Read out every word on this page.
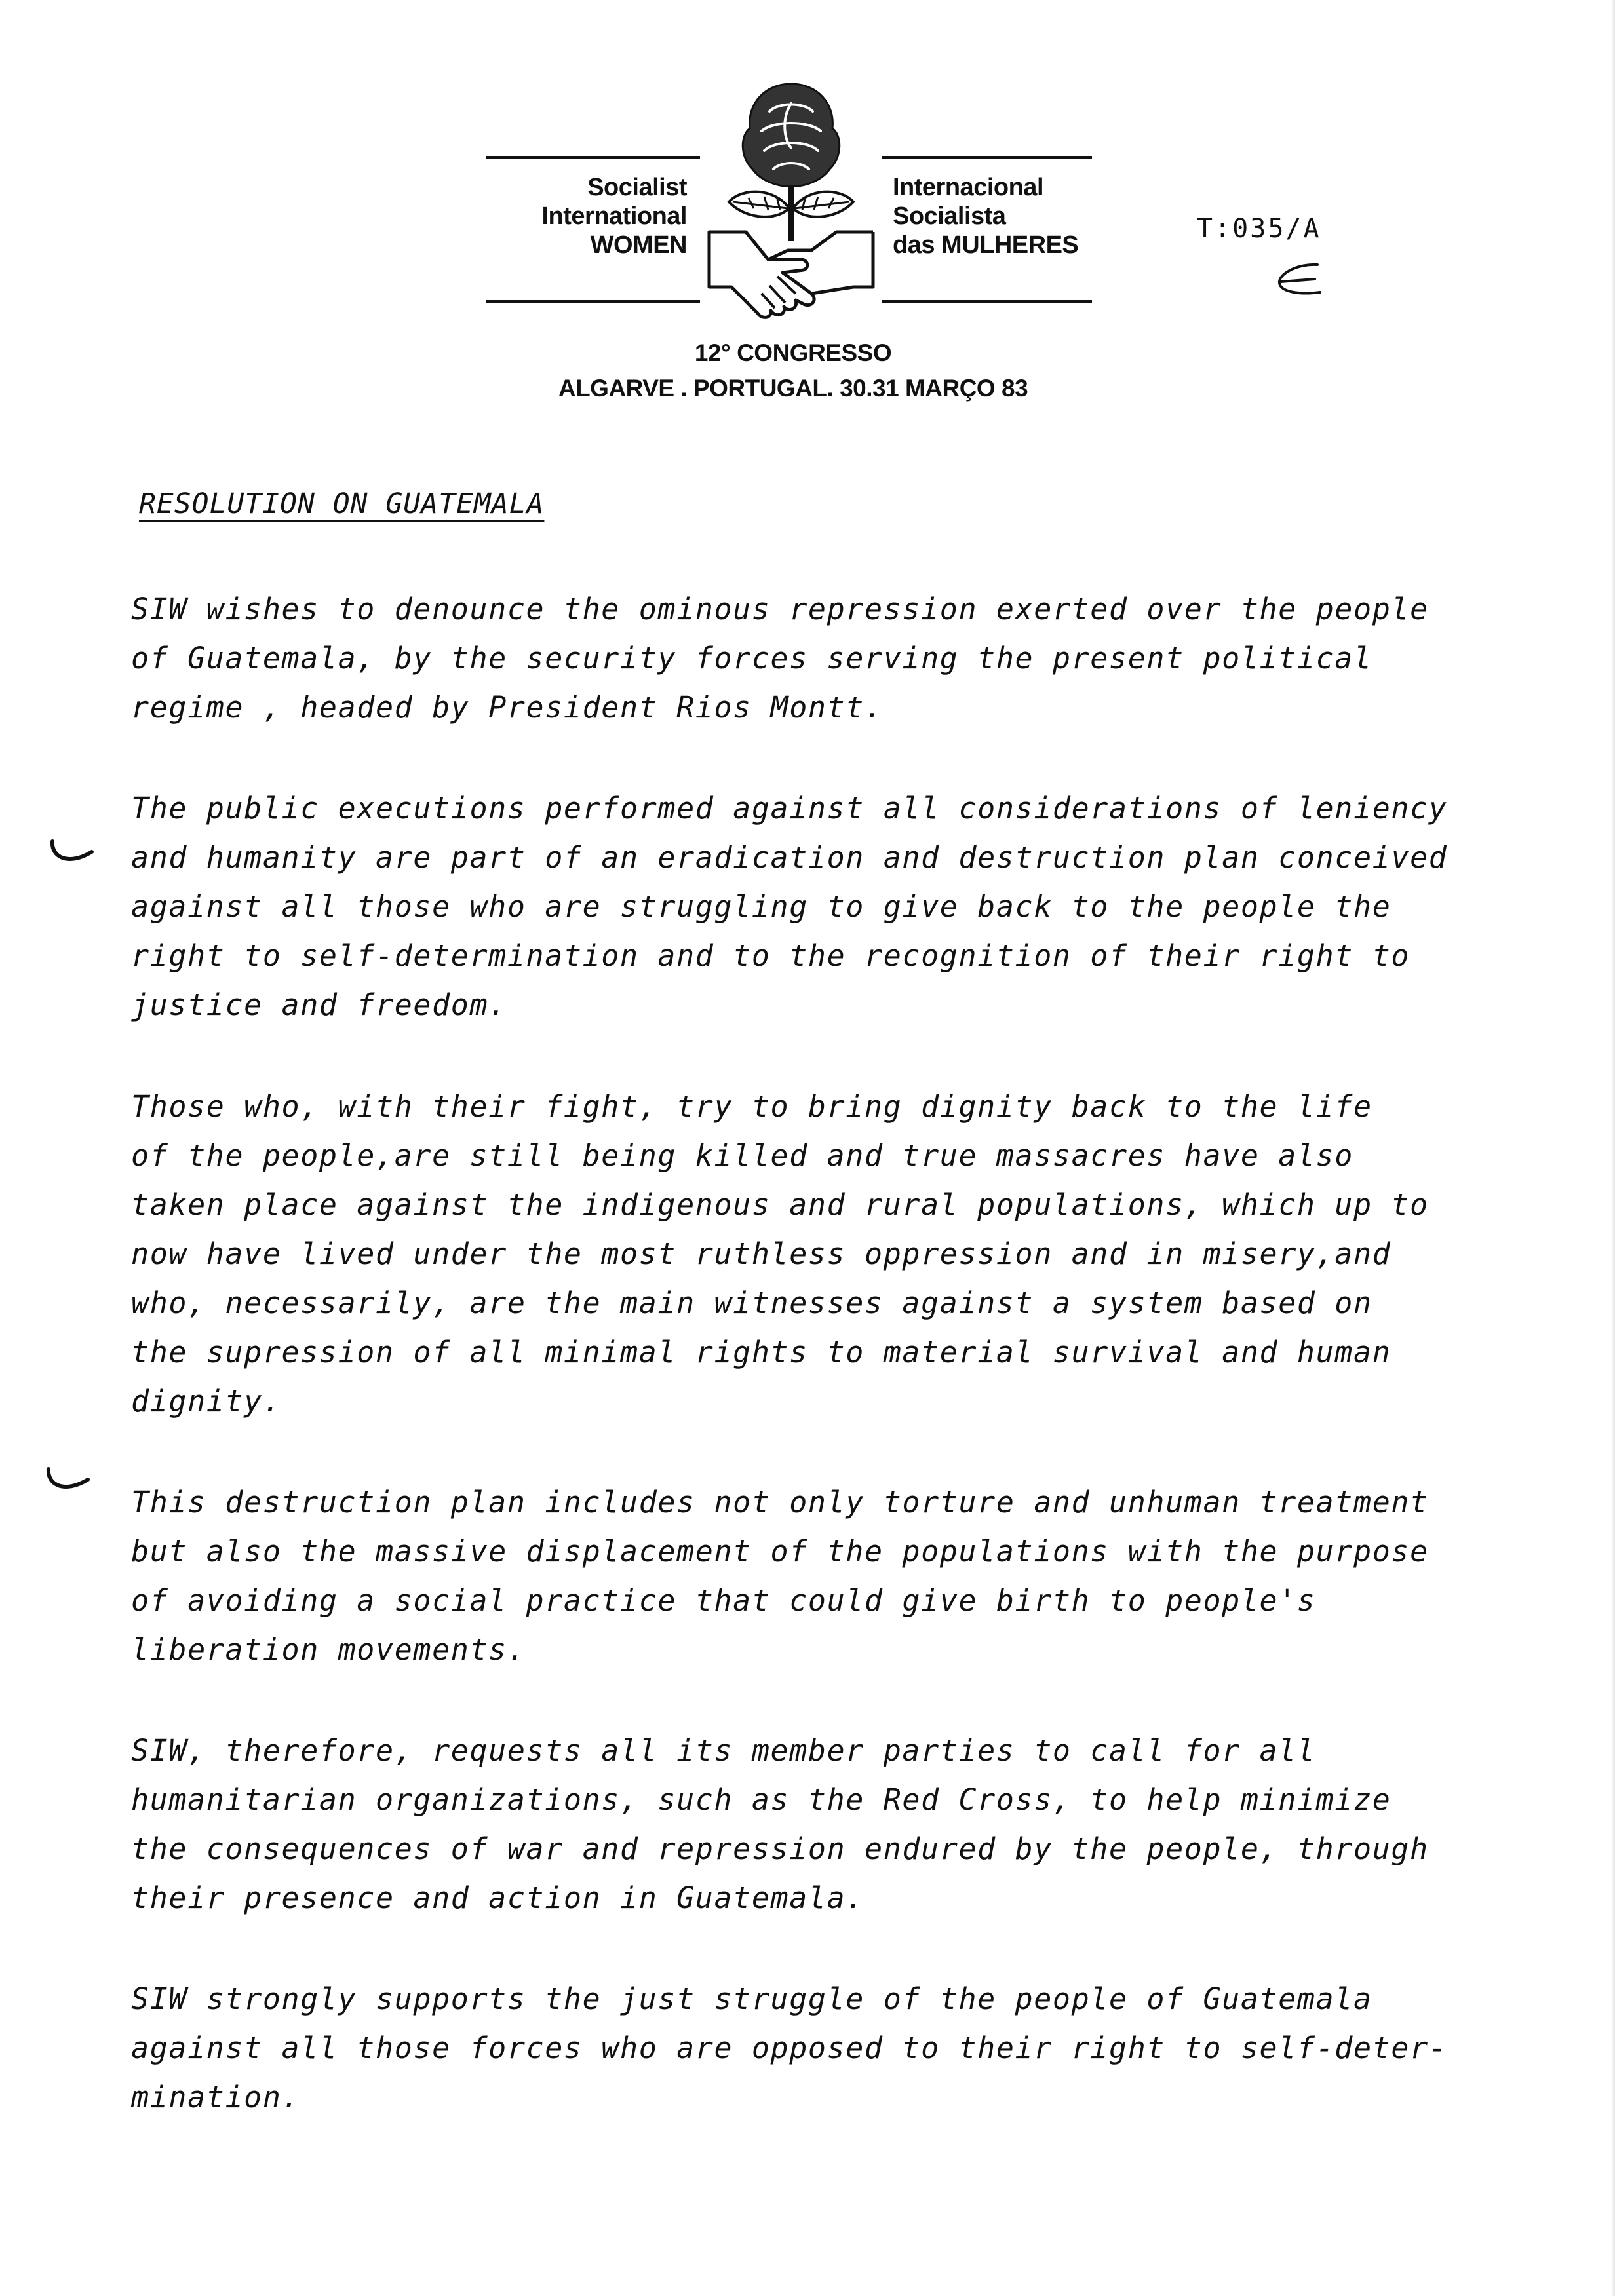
Socialist
International
WOMEN
Internacional
Socialista
das MULHERES
12° CONGRESSO
ALGARVE . PORTUGAL. 30.31 MARÇO 83
T:035/A
RESOLUTION ON GUATEMALA

SIW wishes to denounce the ominous repression exerted over the people
of Guatemala, by the security forces serving the present political
regime , headed by President Rios Montt.

The public executions performed against all considerations of leniency
and humanity are part of an eradication and destruction plan conceived
against all those who are struggling to give back to the people the
right to self-determination and to the recognition of their right to
justice and freedom.

Those who, with their fight, try to bring dignity back to the life
of the people,are still being killed and true massacres have also
taken place against the indigenous and rural populations, which up to
now have lived under the most ruthless oppression and in misery,and
who, necessarily, are the main witnesses against a system based on
the supression of all minimal rights to material survival and human
dignity.

This destruction plan includes not only torture and unhuman treatment
but also the massive displacement of the populations with the purpose
of avoiding a social practice that could give birth to people's
liberation movements.

SIW, therefore, requests all its member parties to call for all
humanitarian organizations, such as the Red Cross, to help minimize
the consequences of war and repression endured by the people, through
their presence and action in Guatemala.

SIW strongly supports the just struggle of the people of Guatemala
against all those forces who are opposed to their right to self-deter-
mination.
